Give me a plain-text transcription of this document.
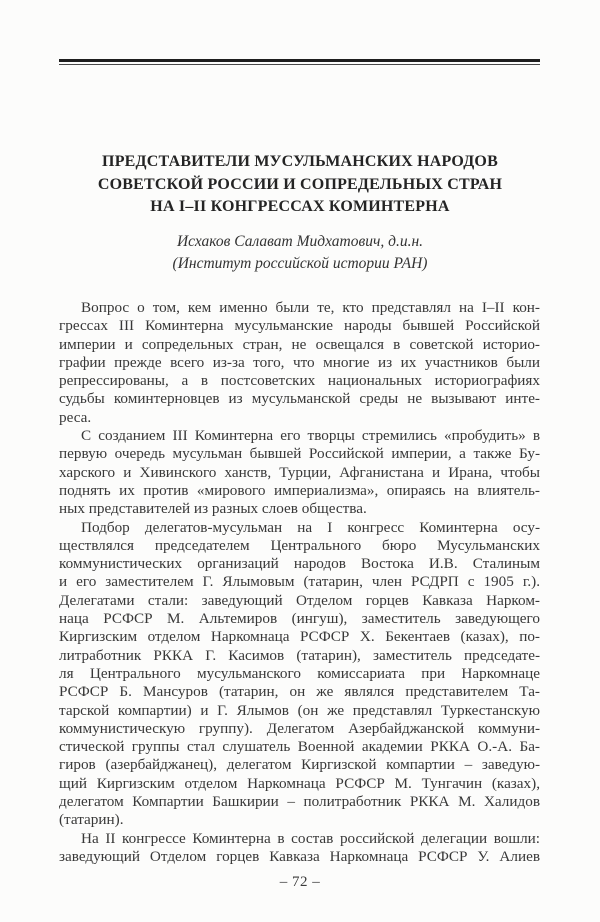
ПРЕДСТАВИТЕЛИ МУСУЛЬМАНСКИХ НАРОДОВ
СОВЕТСКОЙ РОССИИ И СОПРЕДЕЛЬНЫХ СТРАН
НА I–II КОНГРЕССАХ КОМИНТЕРНА
Исхаков Салават Мидхатович, д.и.н.
(Институт российской истории РАН)
Вопрос о том, кем именно были те, кто представлял на I–II кон-
грессах III Коминтерна мусульманские народы бывшей Российской
империи и сопредельных стран, не освещался в советской историо-
графии прежде всего из-за того, что многие из их участников были
репрессированы, а в постсоветских национальных историографиях
судьбы коминтерновцев из мусульманской среды не вызывают инте-
реса.
С созданием III Коминтерна его творцы стремились «пробудить» в
первую очередь мусульман бывшей Российской империи, а также Бу-
харского и Хивинского ханств, Турции, Афганистана и Ирана, чтобы
поднять их против «мирового империализма», опираясь на влиятель-
ных представителей из разных слоев общества.
Подбор делегатов-мусульман на I конгресс Коминтерна осу-
ществлялся председателем Центрального бюро Мусульманских
коммунистических организаций народов Востока И.В. Сталиным
и его заместителем Г. Ялымовым (татарин, член РСДРП с 1905 г.).
Делегатами стали: заведующий Отделом горцев Кавказа Нарком-
наца РСФСР М. Альтемиров (ингуш), заместитель заведующего
Киргизским отделом Наркомнаца РСФСР Х. Бекентаев (казах), по-
литработник РККА Г. Касимов (татарин), заместитель председате-
ля Центрального мусульманского комиссариата при Наркомнаце
РСФСР Б. Мансуров (татарин, он же являлся представителем Та-
тарской компартии) и Г. Ялымов (он же представлял Туркестанскую
коммунистическую группу). Делегатом Азербайджанской коммуни-
стической группы стал слушатель Военной академии РККА О.-А. Ба-
гиров (азербайджанец), делегатом Киргизской компартии – заведую-
щий Киргизским отделом Наркомнаца РСФСР М. Тунгачин (казах),
делегатом Компартии Башкирии – политработник РККА М. Халидов
(татарин).
На II конгрессе Коминтерна в состав российской делегации вошли:
заведующий Отделом горцев Кавказа Наркомнаца РСФСР У. Алиев
– 72 –
